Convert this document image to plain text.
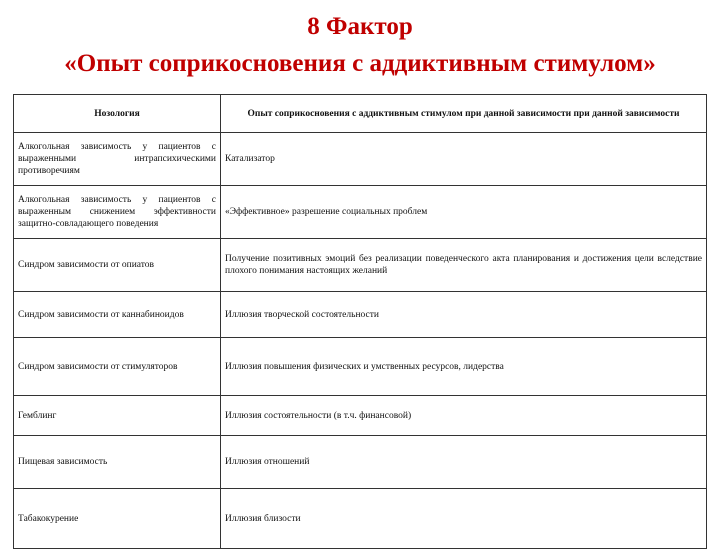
8 Фактор
«Опыт соприкосновения с аддиктивным стимулом»
Нозология	Опыт соприкосновения с аддиктивным стимулом при данной зависимости при данной зависимости
Алкогольная зависимость у пациентов с выраженными интрапсихическими противоречиям	Катализатор
Алкогольная зависимость у пациентов с выраженным снижением эффективности защитно-совладающего поведения	«Эффективное» разрешение социальных проблем
Синдром зависимости от опиатов	Получение позитивных эмоций без реализации поведенческого акта планирования и достижения цели вследствие плохого понимания настоящих желаний
Синдром зависимости от каннабиноидов	Иллюзия творческой состоятельности
Синдром зависимости от стимуляторов	Иллюзия повышения физических и умственных ресурсов, лидерства
Гемблинг	Иллюзия состоятельности (в т.ч. финансовой)
Пищевая зависимость	Иллюзия отношений
Табакокурение	Иллюзия близости
